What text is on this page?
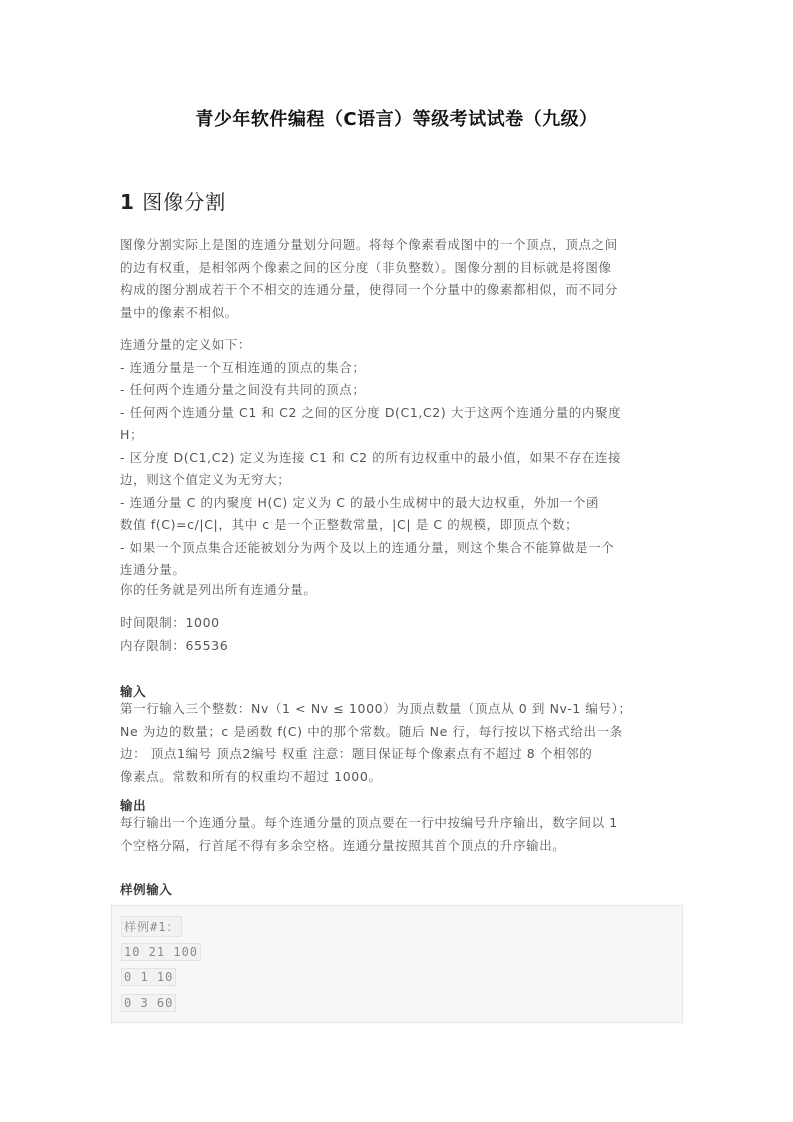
青少年软件编程（C语言）等级考试试卷（九级）
1 图像分割
图像分割实际上是图的连通分量划分问题。将每个像素看成图中的一个顶点，顶点之间
的边有权重，是相邻两个像素之间的区分度（非负整数）。图像分割的目标就是将图像
构成的图分割成若干个不相交的连通分量，使得同一个分量中的像素都相似，而不同分
量中的像素不相似。
连通分量的定义如下：
- 连通分量是一个互相连通的顶点的集合；
- 任何两个连通分量之间没有共同的顶点；
- 任何两个连通分量 C1 和 C2 之间的区分度 D(C1,C2) 大于这两个连通分量的内聚度
H；
- 区分度 D(C1,C2) 定义为连接 C1 和 C2 的所有边权重中的最小值，如果不存在连接
边，则这个值定义为无穷大；
- 连通分量 C 的内聚度 H(C) 定义为 C 的最小生成树中的最大边权重，外加一个函
数值 f(C)=c/|C|，其中 c 是一个正整数常量，|C| 是 C 的规模，即顶点个数；
- 如果一个顶点集合还能被划分为两个及以上的连通分量，则这个集合不能算做是一个
连通分量。
你的任务就是列出所有连通分量。
时间限制：1000
内存限制：65536
输入
第一行输入三个整数：Nv（1 < Nv ≤ 1000）为顶点数量（顶点从 0 到 Nv-1 编号）；
Ne 为边的数量；c 是函数 f(C) 中的那个常数。随后 Ne 行，每行按以下格式给出一条
边： 顶点1编号 顶点2编号 权重 注意：题目保证每个像素点有不超过 8 个相邻的
像素点。常数和所有的权重均不超过 1000。
输出
每行输出一个连通分量。每个连通分量的顶点要在一行中按编号升序输出，数字间以 1
个空格分隔，行首尾不得有多余空格。连通分量按照其首个顶点的升序输出。
样例输入
样例#1：
10 21 100
0 1 10
0 3 60
